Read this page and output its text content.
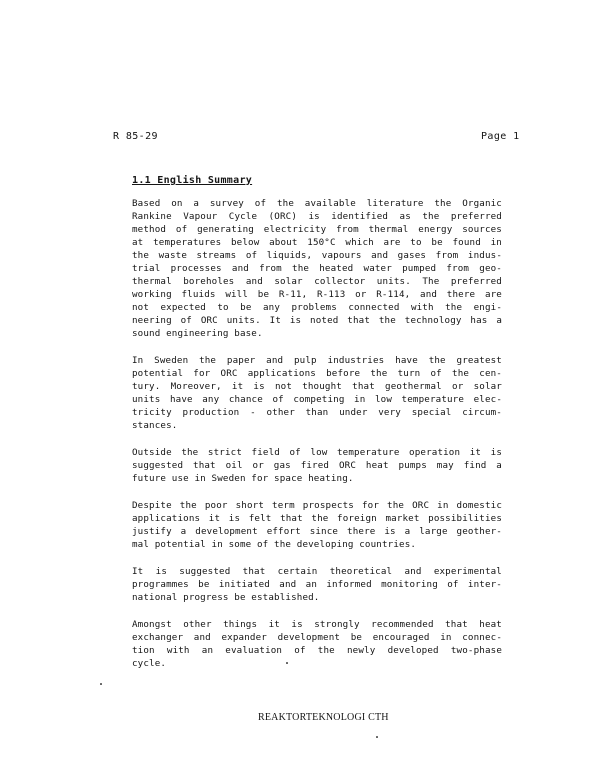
R 85-29	Page 1
1.1 English Summary
Based on a survey of the available literature the Organic
Rankine Vapour Cycle (ORC) is identified as the preferred
method of generating electricity from thermal energy sources
at temperatures below about 150°C which are to be found in
the waste streams of liquids, vapours and gases from indus-
trial processes and from the heated water pumped from geo-
thermal boreholes and solar collector units. The preferred
working fluids will be R-11, R-113 or R-114, and there are
not expected to be any problems connected with the engi-
neering of ORC units. It is noted that the technology has a
sound engineering base.
In Sweden the paper and pulp industries have the greatest
potential for ORC applications before the turn of the cen-
tury. Moreover, it is not thought that geothermal or solar
units have any chance of competing in low temperature elec-
tricity production - other than under very special circum-
stances.
Outside the strict field of low temperature operation it is
suggested that oil or gas fired ORC heat pumps may find a
future use in Sweden for space heating.
Despite the poor short term prospects for the ORC in domestic
applications it is felt that the foreign market possibilities
justify a development effort since there is a large geother-
mal potential in some of the developing countries.
It is suggested that certain theoretical and experimental
programmes be initiated and an informed monitoring of inter-
national progress be established.
Amongst other things it is strongly recommended that heat
exchanger and expander development be encouraged in connec-
tion with an evaluation of the newly developed two-phase
cycle.
REAKTORTEKNOLOGI CTH
